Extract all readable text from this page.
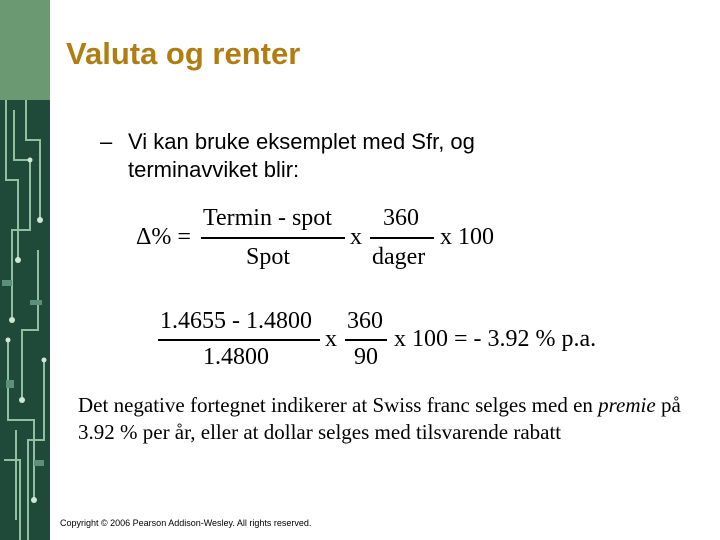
Valuta og renter
– Vi kan bruke eksemplet med Sfr, og terminavviket blir:
Δ% =
Termin - spot
Spot
x
360
dager
x 100
1.4655 - 1.4800
1.4800
x
360
90
x 100 = - 3.92 % p.a.
Det negative fortegnet indikerer at Swiss franc selges med en premie på 3.92 % per år, eller at dollar selges med tilsvarende rabatt
Copyright © 2006 Pearson Addison-Wesley. All rights reserved.
